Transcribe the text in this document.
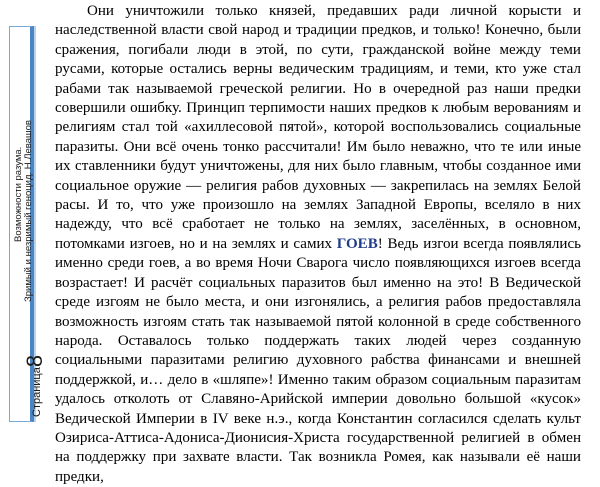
Возможности разума. Зримый и незримый геноцид. Н.Левашов
Страница8

Они уничтожили только князей, предавших ради личной корысти и наследственной власти свой народ и традиции предков, и только! Конечно, были сражения, погибали люди в этой, по сути, гражданской войне между теми русами, которые остались верны ведическим традициям, и теми, кто уже стал рабами так называемой греческой религии. Но в очередной раз наши предки совершили ошибку. Принцип терпимости наших предков к любым верованиям и религиям стал той «ахиллесовой пятой», которой воспользовались социальные паразиты. Они всё очень тонко рассчитали! Им было неважно, что те или иные их ставленники будут уничтожены, для них было главным, чтобы созданное ими социальное оружие — религия рабов духовных — закрепилась на землях Белой расы. И то, что уже произошло на землях Западной Европы, вселяло в них надежду, что всё сработает не только на землях, заселённых, в основном, потомками изгоев, но и на землях и самих ГОЕВ! Ведь изгои всегда появлялись именно среди гоев, а во время Ночи Сварога число появляющихся изгоев всегда возрастает! И расчёт социальных паразитов был именно на это! В Ведической среде изгоям не было места, и они изгонялись, а религия рабов предоставляла возможность изгоям стать так называемой пятой колонной в среде собственного народа. Оставалось только поддержать таких людей через созданную социальными паразитами религию духовного рабства финансами и внешней поддержкой, и… дело в «шляпе»! Именно таким образом социальным паразитам удалось отколоть от Славяно-Арийской империи довольно большой «кусок» Ведической Империи в IV веке н.э., когда Константин согласился сделать культ Озириса-Аттиса-Адониса-Дионисия-Христа государственной религией в обмен на поддержку при захвате власти. Так возникла Ромея, как называли её наши предки,
